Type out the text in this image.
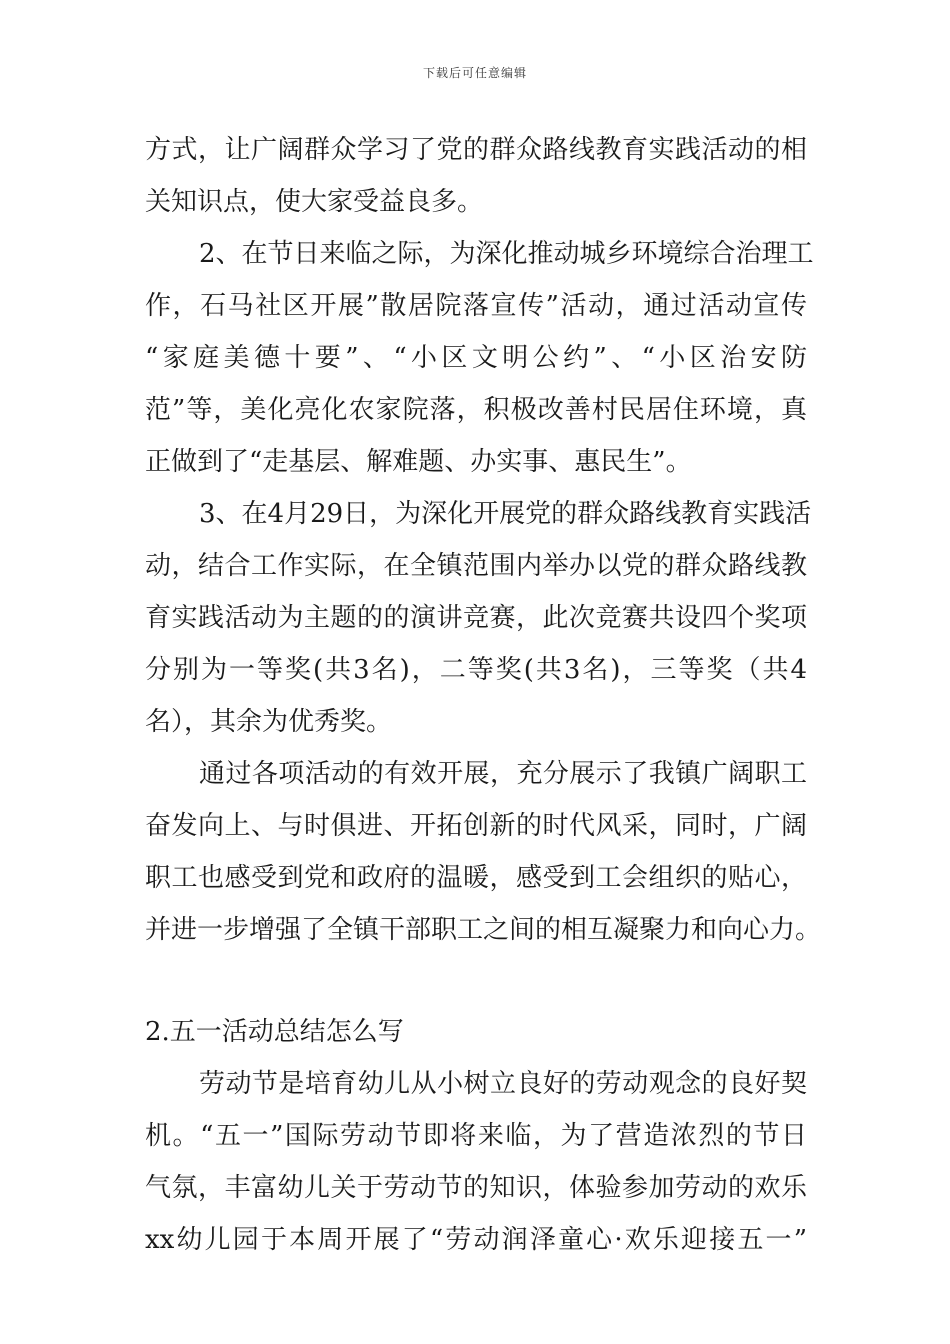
下载后可任意编辑
方式，让广阔群众学习了党的群众路线教育实践活动的相
关知识点，使大家受益良多。
2、在节日来临之际，为深化推动城乡环境综合治理工
作，石马社区开展”散居院落宣传”活动，通过活动宣传
“家庭美德十要”、“小区文明公约”、“小区治安防
范”等，美化亮化农家院落，积极改善村民居住环境，真
正做到了“走基层、解难题、办实事、惠民生”。
3、在4月29日，为深化开展党的群众路线教育实践活
动，结合工作实际，在全镇范围内举办以党的群众路线教
育实践活动为主题的的演讲竞赛，此次竞赛共设四个奖项
分别为一等奖(共3名)，二等奖(共3名)，三等奖（共4
名），其余为优秀奖。
通过各项活动的有效开展，充分展示了我镇广阔职工
奋发向上、与时俱进、开拓创新的时代风采，同时，广阔
职工也感受到党和政府的温暖，感受到工会组织的贴心，
并进一步增强了全镇干部职工之间的相互凝聚力和向心力。
2.五一活动总结怎么写
劳动节是培育幼儿从小树立良好的劳动观念的良好契
机。“五一”国际劳动节即将来临，为了营造浓烈的节日
气氛，丰富幼儿关于劳动节的知识，体验参加劳动的欢乐
xx幼儿园于本周开展了“劳动润泽童心·欢乐迎接五一”
